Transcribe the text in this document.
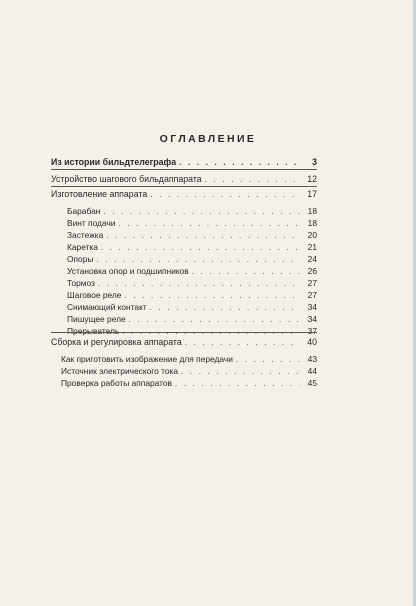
ОГЛАВЛЕНИЕ
Из истории бильдтелеграфа . . .	3
Устройство шагового бильдаппарата . . .	12
Изготовление аппарата . . .	17
Барабан . . .	18
Винт подачи . . .	18
Застежка . . .	20
Каретка . . .	21
Опоры . . .	24
Установка опор и подшипников . . .	26
Тормоз . . .	27
Шаговое реле . . .	27
Снимающий контакт . . .	34
Пишущее реле . . .	34
Прерыватель . . .	37
Сборка и регулировка аппарата . . .	40
Как приготовить изображение для передачи . . .	43
Источник электрического тока . . .	44
Проверка работы аппаратов . . .	45
